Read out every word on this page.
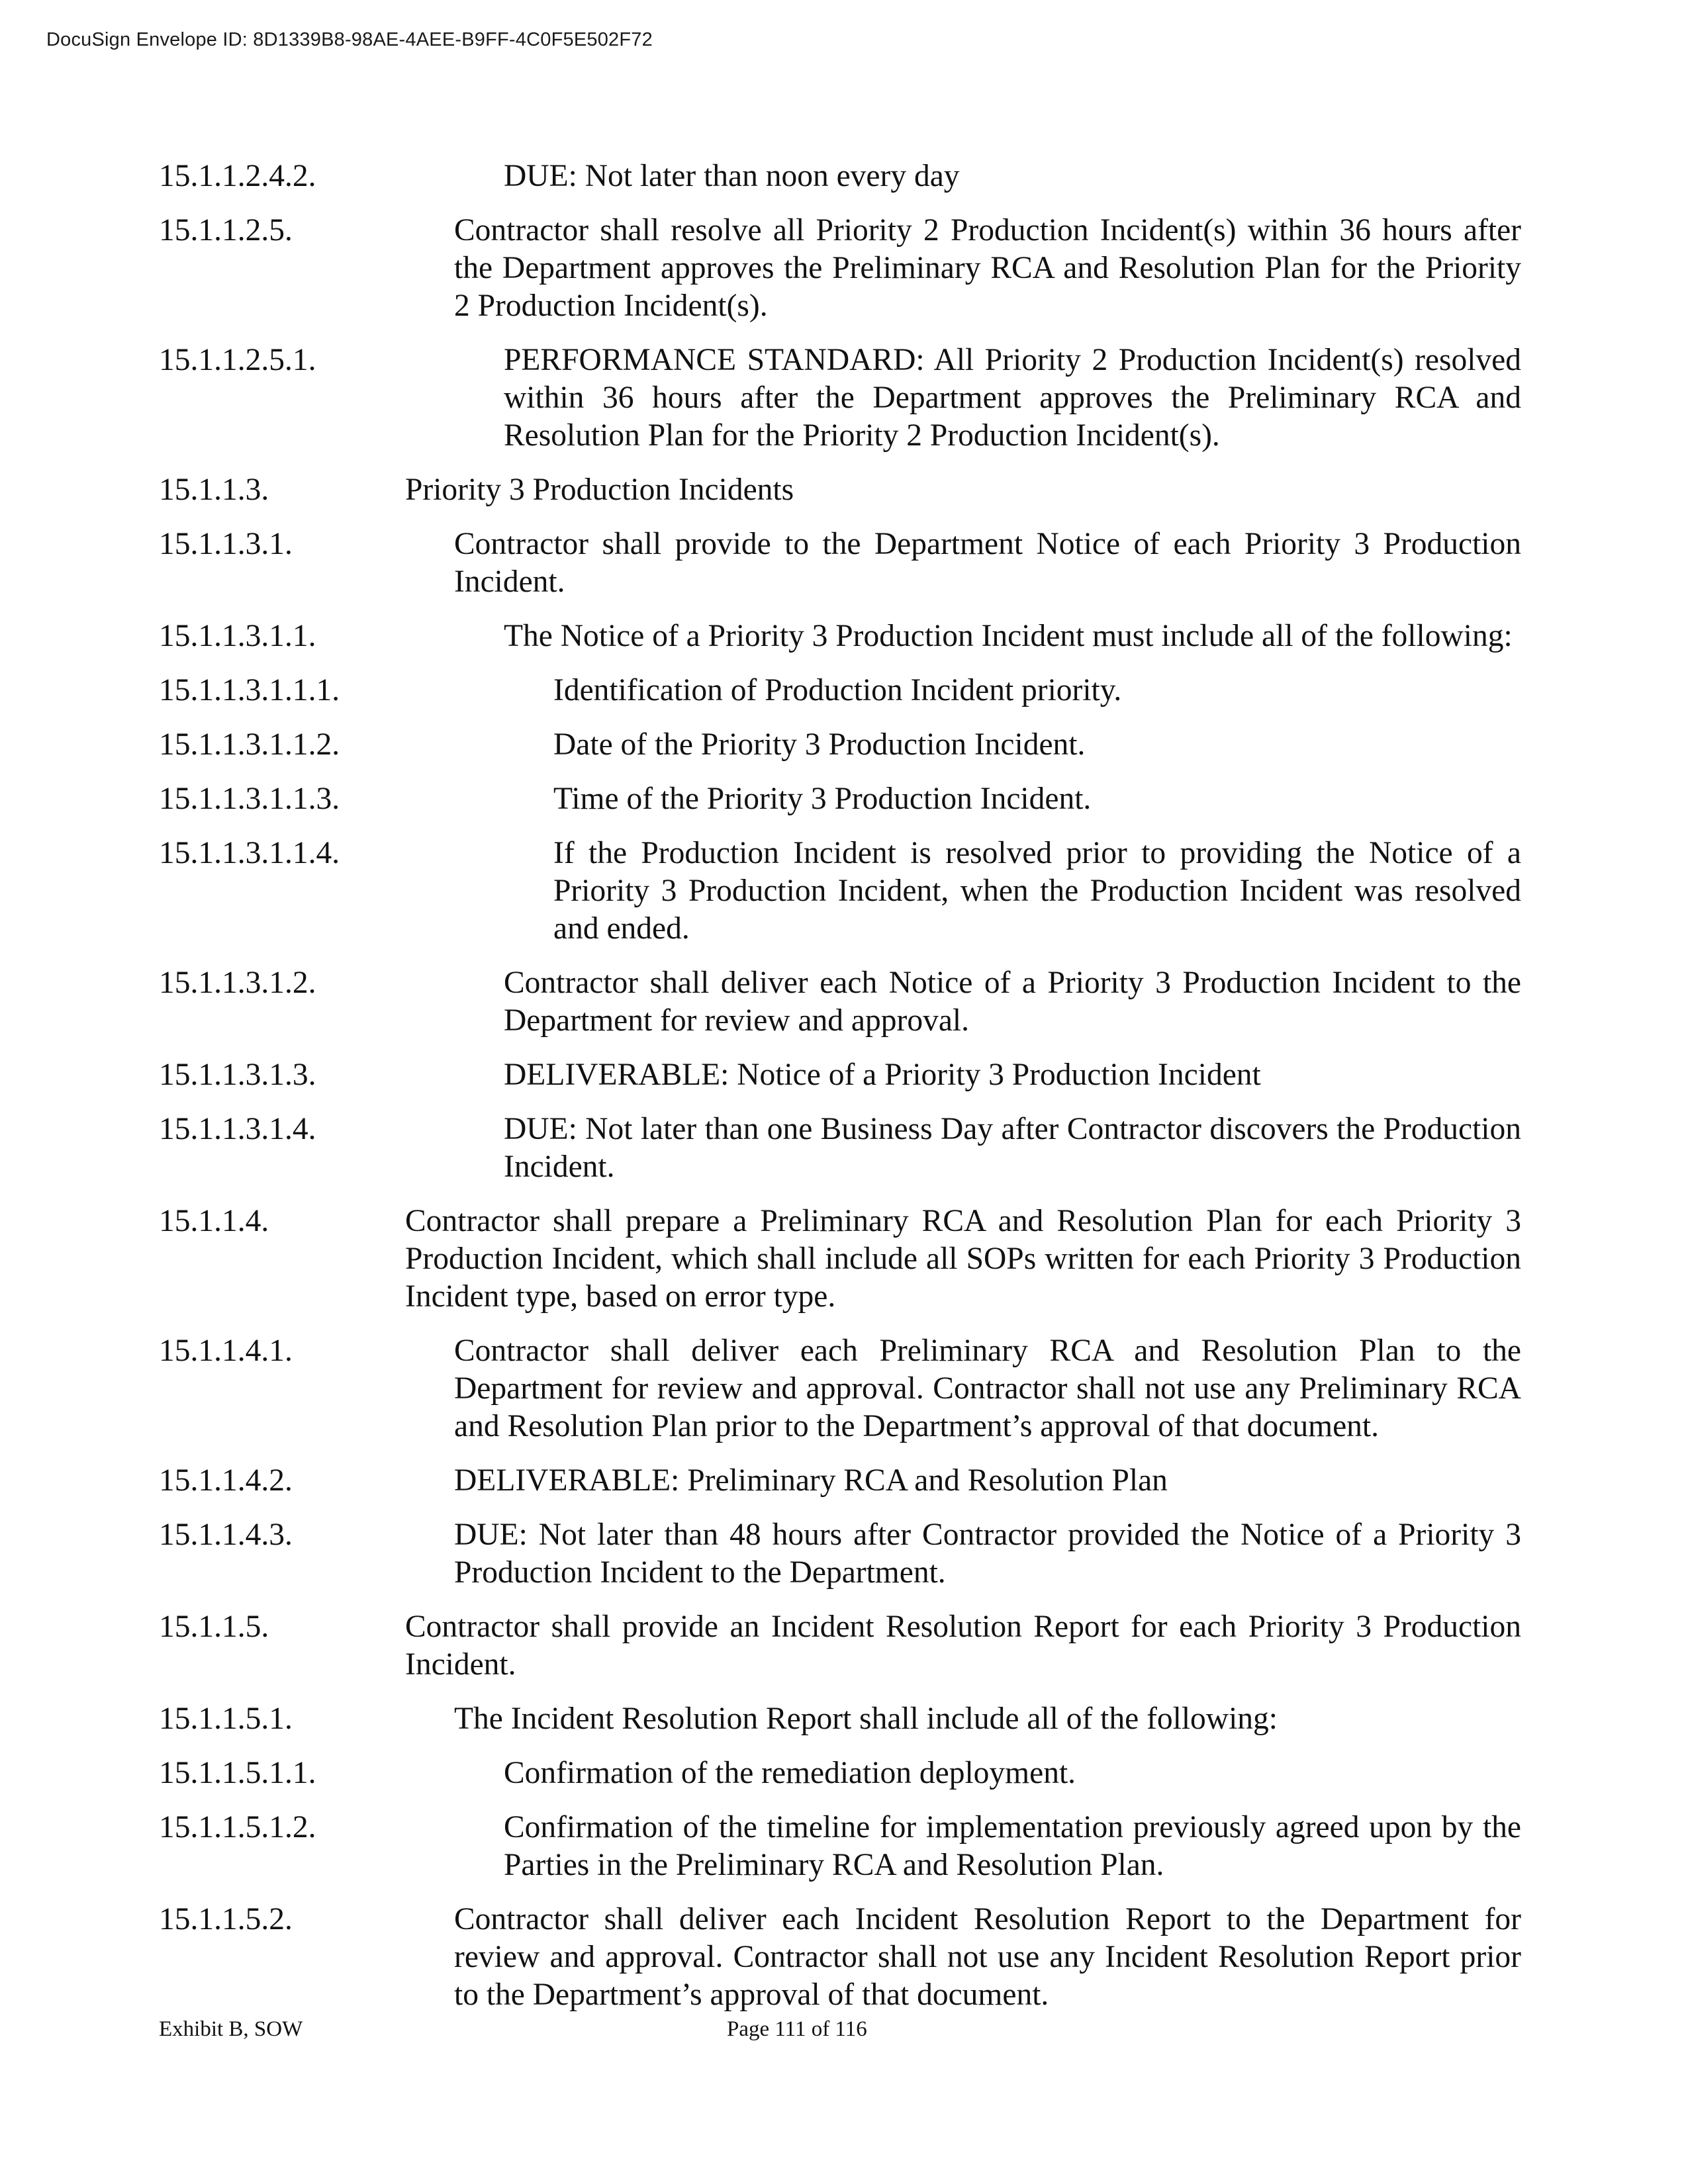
DocuSign Envelope ID: 8D1339B8-98AE-4AEE-B9FF-4C0F5E502F72
15.1.1.2.4.2.	DUE: Not later than noon every day
15.1.1.2.5.	Contractor shall resolve all Priority 2 Production Incident(s) within 36 hours after the Department approves the Preliminary RCA and Resolution Plan for the Priority 2 Production Incident(s).
15.1.1.2.5.1.	PERFORMANCE STANDARD: All Priority 2 Production Incident(s) resolved within 36 hours after the Department approves the Preliminary RCA and Resolution Plan for the Priority 2 Production Incident(s).
15.1.1.3.	Priority 3 Production Incidents
15.1.1.3.1.	Contractor shall provide to the Department Notice of each Priority 3 Production Incident.
15.1.1.3.1.1.	The Notice of a Priority 3 Production Incident must include all of the following:
15.1.1.3.1.1.1.	Identification of Production Incident priority.
15.1.1.3.1.1.2.	Date of the Priority 3 Production Incident.
15.1.1.3.1.1.3.	Time of the Priority 3 Production Incident.
15.1.1.3.1.1.4.	If the Production Incident is resolved prior to providing the Notice of a Priority 3 Production Incident, when the Production Incident was resolved and ended.
15.1.1.3.1.2.	Contractor shall deliver each Notice of a Priority 3 Production Incident to the Department for review and approval.
15.1.1.3.1.3.	DELIVERABLE: Notice of a Priority 3 Production Incident
15.1.1.3.1.4.	DUE: Not later than one Business Day after Contractor discovers the Production Incident.
15.1.1.4.	Contractor shall prepare a Preliminary RCA and Resolution Plan for each Priority 3 Production Incident, which shall include all SOPs written for each Priority 3 Production Incident type, based on error type.
15.1.1.4.1.	Contractor shall deliver each Preliminary RCA and Resolution Plan to the Department for review and approval. Contractor shall not use any Preliminary RCA and Resolution Plan prior to the Department’s approval of that document.
15.1.1.4.2.	DELIVERABLE: Preliminary RCA and Resolution Plan
15.1.1.4.3.	DUE: Not later than 48 hours after Contractor provided the Notice of a Priority 3 Production Incident to the Department.
15.1.1.5.	Contractor shall provide an Incident Resolution Report for each Priority 3 Production Incident.
15.1.1.5.1.	The Incident Resolution Report shall include all of the following:
15.1.1.5.1.1.	Confirmation of the remediation deployment.
15.1.1.5.1.2.	Confirmation of the timeline for implementation previously agreed upon by the Parties in the Preliminary RCA and Resolution Plan.
15.1.1.5.2.	Contractor shall deliver each Incident Resolution Report to the Department for review and approval. Contractor shall not use any Incident Resolution Report prior to the Department’s approval of that document.
Exhibit B, SOW	Page 111 of 116
